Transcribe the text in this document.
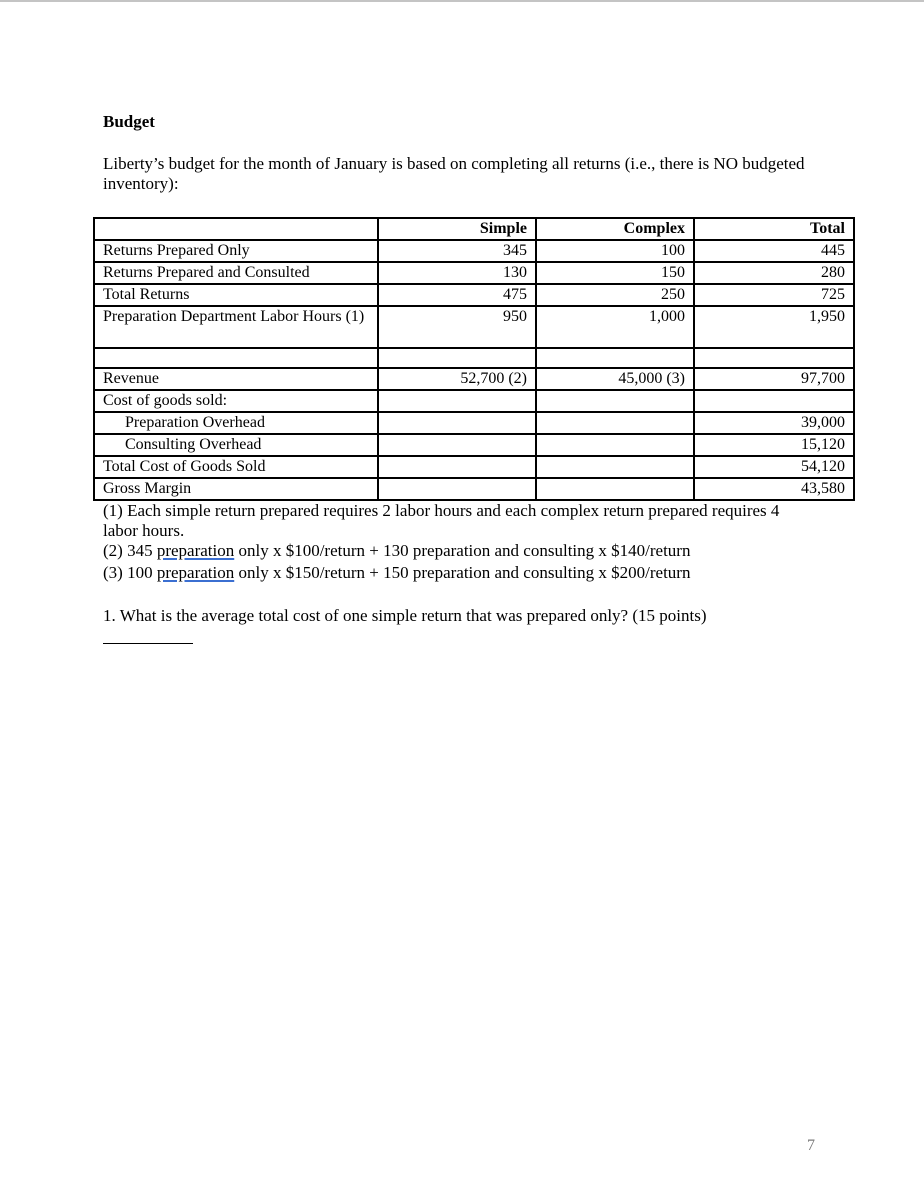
Budget
Liberty’s budget for the month of January is based on completing all returns (i.e., there is NO budgeted inventory):
	Simple	Complex	Total
Returns Prepared Only	345	100	445
Returns Prepared and Consulted	130	150	280
Total Returns	475	250	725
Preparation Department Labor Hours (1)	950	1,000	1,950

Revenue	52,700 (2)	45,000 (3)	97,700
Cost of goods sold:			
Preparation Overhead			39,000
Consulting Overhead			15,120
Total Cost of Goods Sold			54,120
Gross Margin			43,580
(1) Each simple return prepared requires 2 labor hours and each complex return prepared requires 4 labor hours.
(2) 345 preparation only x $100/return + 130 preparation and consulting x $140/return
(3) 100 preparation only x $150/return + 150 preparation and consulting x $200/return
1. What is the average total cost of one simple return that was prepared only? (15 points)
7
